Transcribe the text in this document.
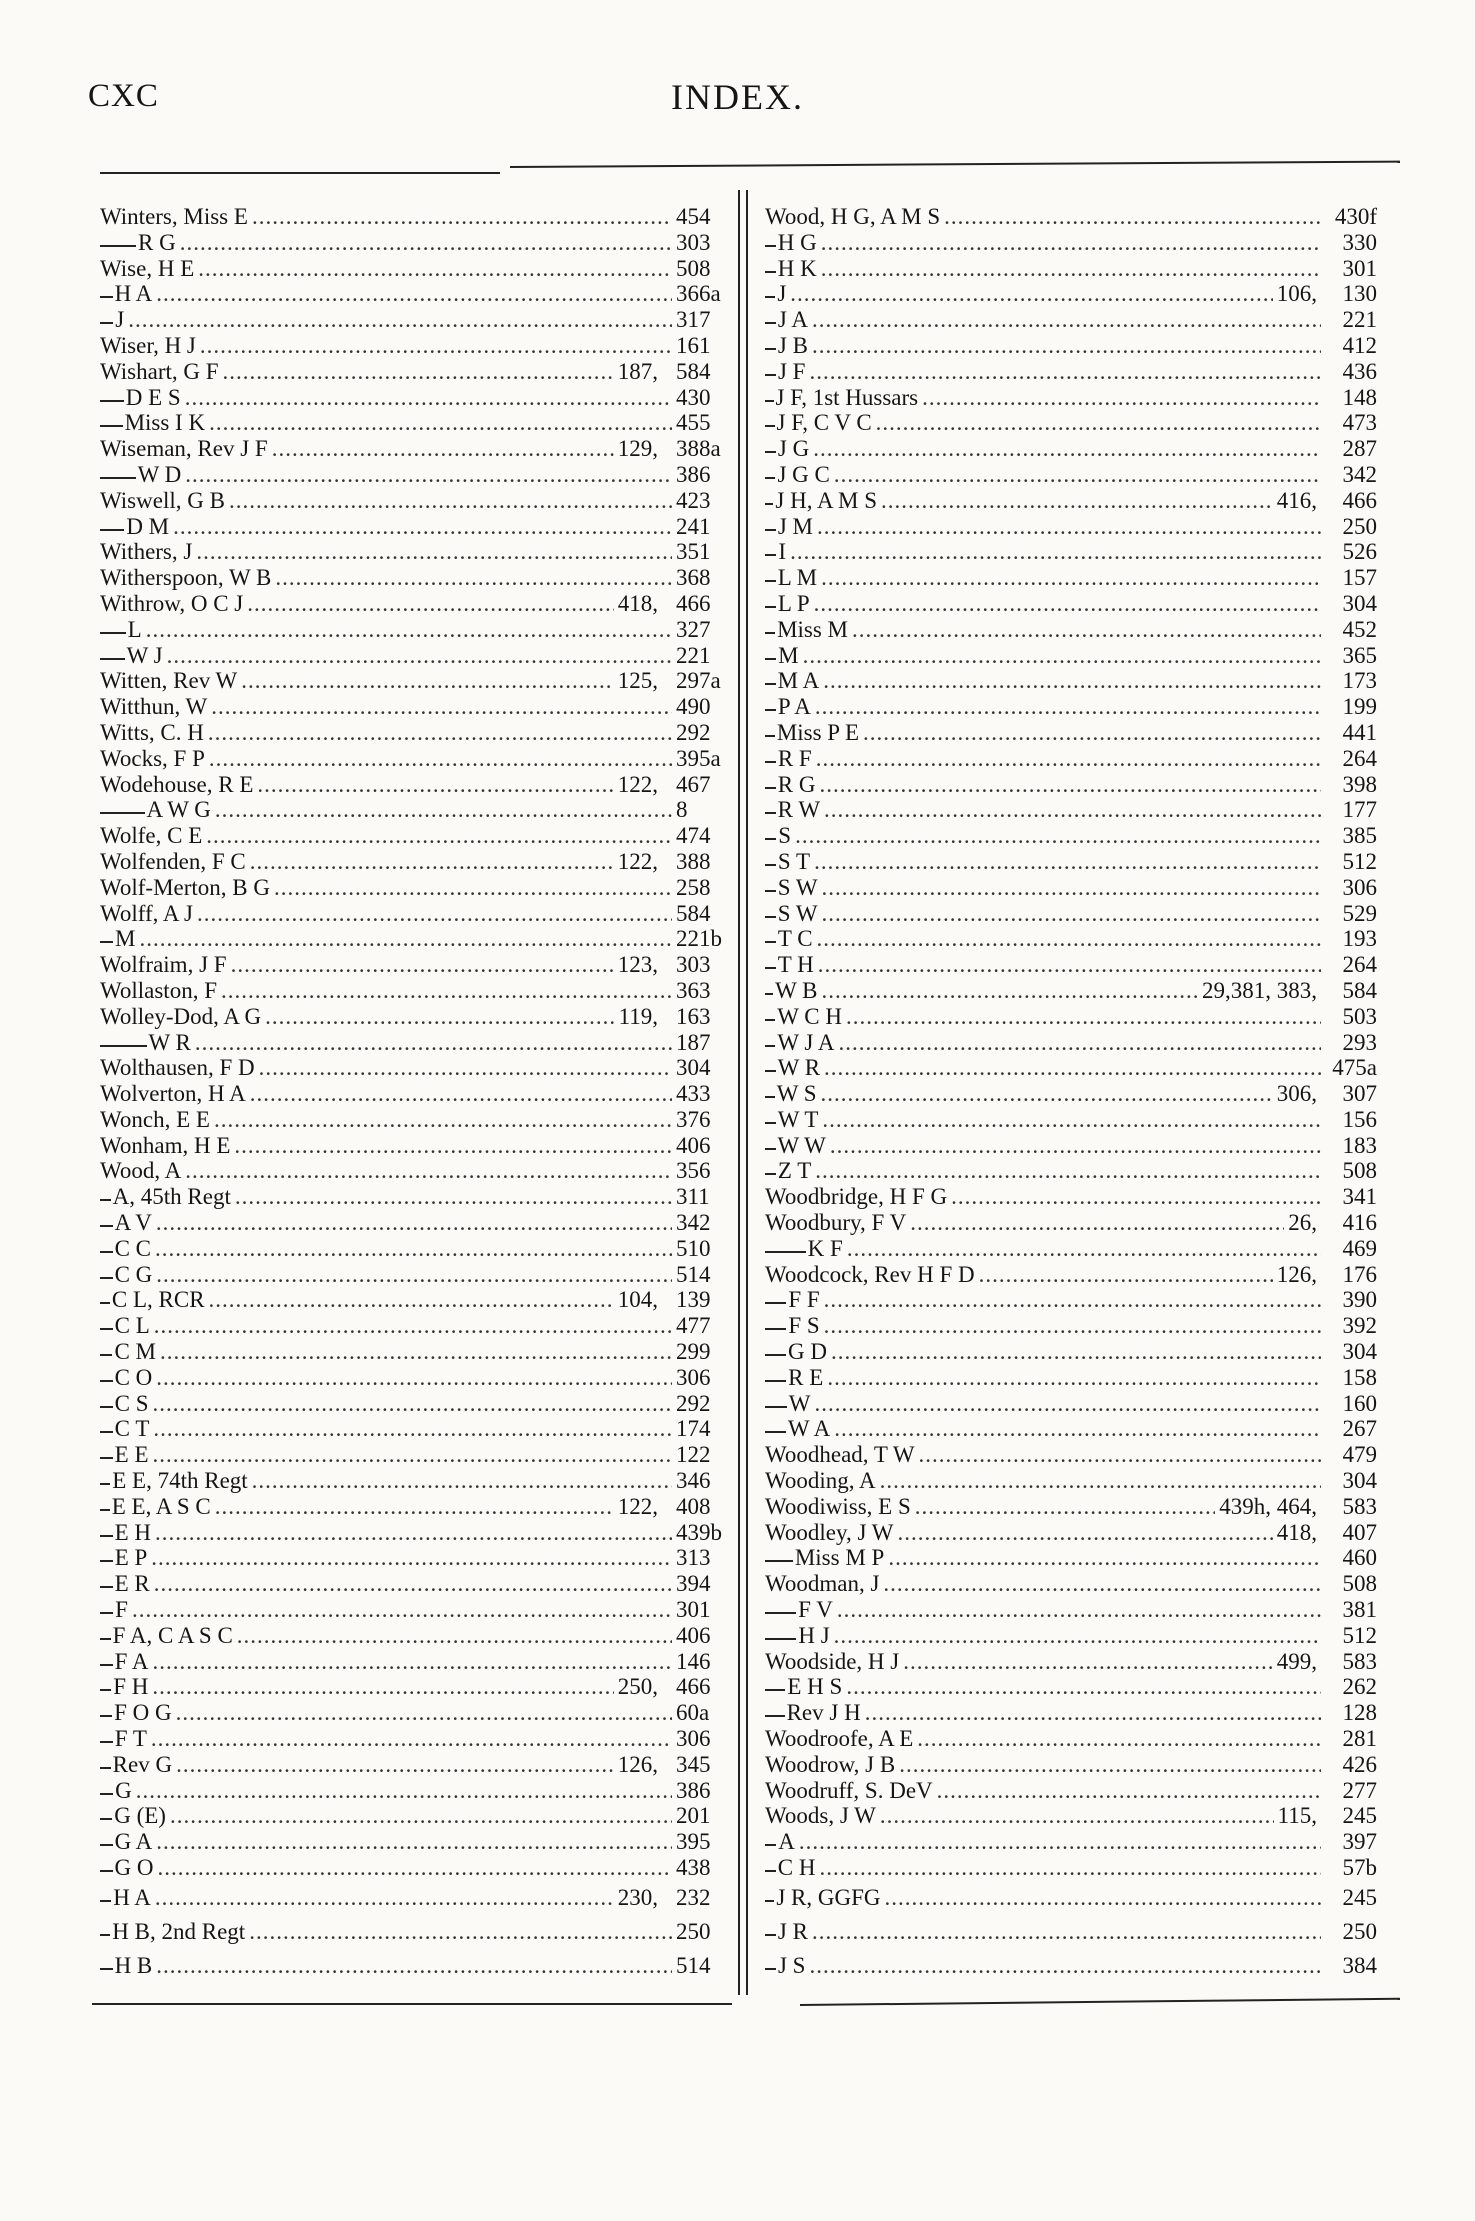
CXC	INDEX.
Winters, Miss E .....	454
R G .....	303
Wise, H E .....	508
H A .....	366a
J .....	317
Wiser, H J .....	161
Wishart, G F .....	187, 584
D E S .....	430
Miss I K .....	455
Wiseman, Rev J F .....	129, 388a
W D .....	386
Wiswell, G B .....	423
D M .....	241
Withers, J .....	351
Witherspoon, W B .....	368
Withrow, O C J .....	418, 466
L .....	327
W J .....	221
Witten, Rev W .....	125, 297a
Witthun, W .....	490
Witts, C. H .....	292
Wocks, F P .....	395a
Wodehouse, R E .....	122, 467
A W G .....	8
Wolfe, C E .....	474
Wolfenden, F C .....	122, 388
Wolf-Merton, B G .....	258
Wolff, A J .....	584
M .....	221b
Wolfraim, J F .....	123, 303
Wollaston, F .....	363
Wolley-Dod, A G .....	119, 163
W R .....	187
Wolthausen, F D .....	304
Wolverton, H A .....	433
Wonch, E E .....	376
Wonham, H E .....	406
Wood, A .....	356
A, 45th Regt .....	311
A V .....	342
C C .....	510
C G .....	514
C L, RCR .....	104, 139
C L .....	477
C M .....	299
C O .....	306
C S .....	292
C T .....	174
E E .....	122
E E, 74th Regt .....	346
E E, A S C .....	122, 408
E H .....	439b
E P .....	313
E R .....	394
F .....	301
F A, C A S C .....	406
F A .....	146
F H .....	250, 466
F O G .....	60a
F T .....	306
Rev G .....	126, 345
G .....	386
G (E) .....	201
G A .....	395
G O .....	438
H A .....	230, 232
H B, 2nd Regt .....	250
H B .....	514
Wood, H G, A M S .....	430f
H G .....	330
H K .....	301
J .....	106,	130
J A .....	221
J B .....	412
J F .....	436
J F, 1st Hussars .....	148
J F, C V C .....	473
J G .....	287
J G C .....	342
J H, A M S .....	416,	466
J M .....	250
I .....	526
L M .....	157
L P .....	304
Miss M .....	452
M .....	365
M A .....	173
P A .....	199
Miss P E .....	441
R F .....	264
R G .....	398
R W .....	177
S .....	385
S T .....	512
S W .....	306
S W .....	529
T C .....	193
T H .....	264
W B .....	29,381, 383,	584
W C H .....	503
W J A .....	293
W R .....	475a
W S .....	306,	307
W T .....	156
W W .....	183
Z T .....	508
Woodbridge, H F G .....	341
Woodbury, F V .....	26,	416
K F .....	469
Woodcock, Rev H F D .....	126,	176
F F .....	390
F S .....	392
G D .....	304
R E .....	158
W .....	160
W A .....	267
Woodhead, T W .....	479
Wooding, A .....	304
Woodiwiss, E S .....	439h, 464,	583
Woodley, J W .....	418,	407
Miss M P .....	460
Woodman, J .....	508
F V .....	381
H J .....	512
Woodside, H J .....	499,	583
E H S .....	262
Rev J H .....	128
Woodroofe, A E .....	281
Woodrow, J B .....	426
Woodruff, S. DeV .....	277
Woods, J W .....	115,	245
A .....	397
C H .....	57b
J R, GGFG .....	245
J R .....	250
J S .....	384
